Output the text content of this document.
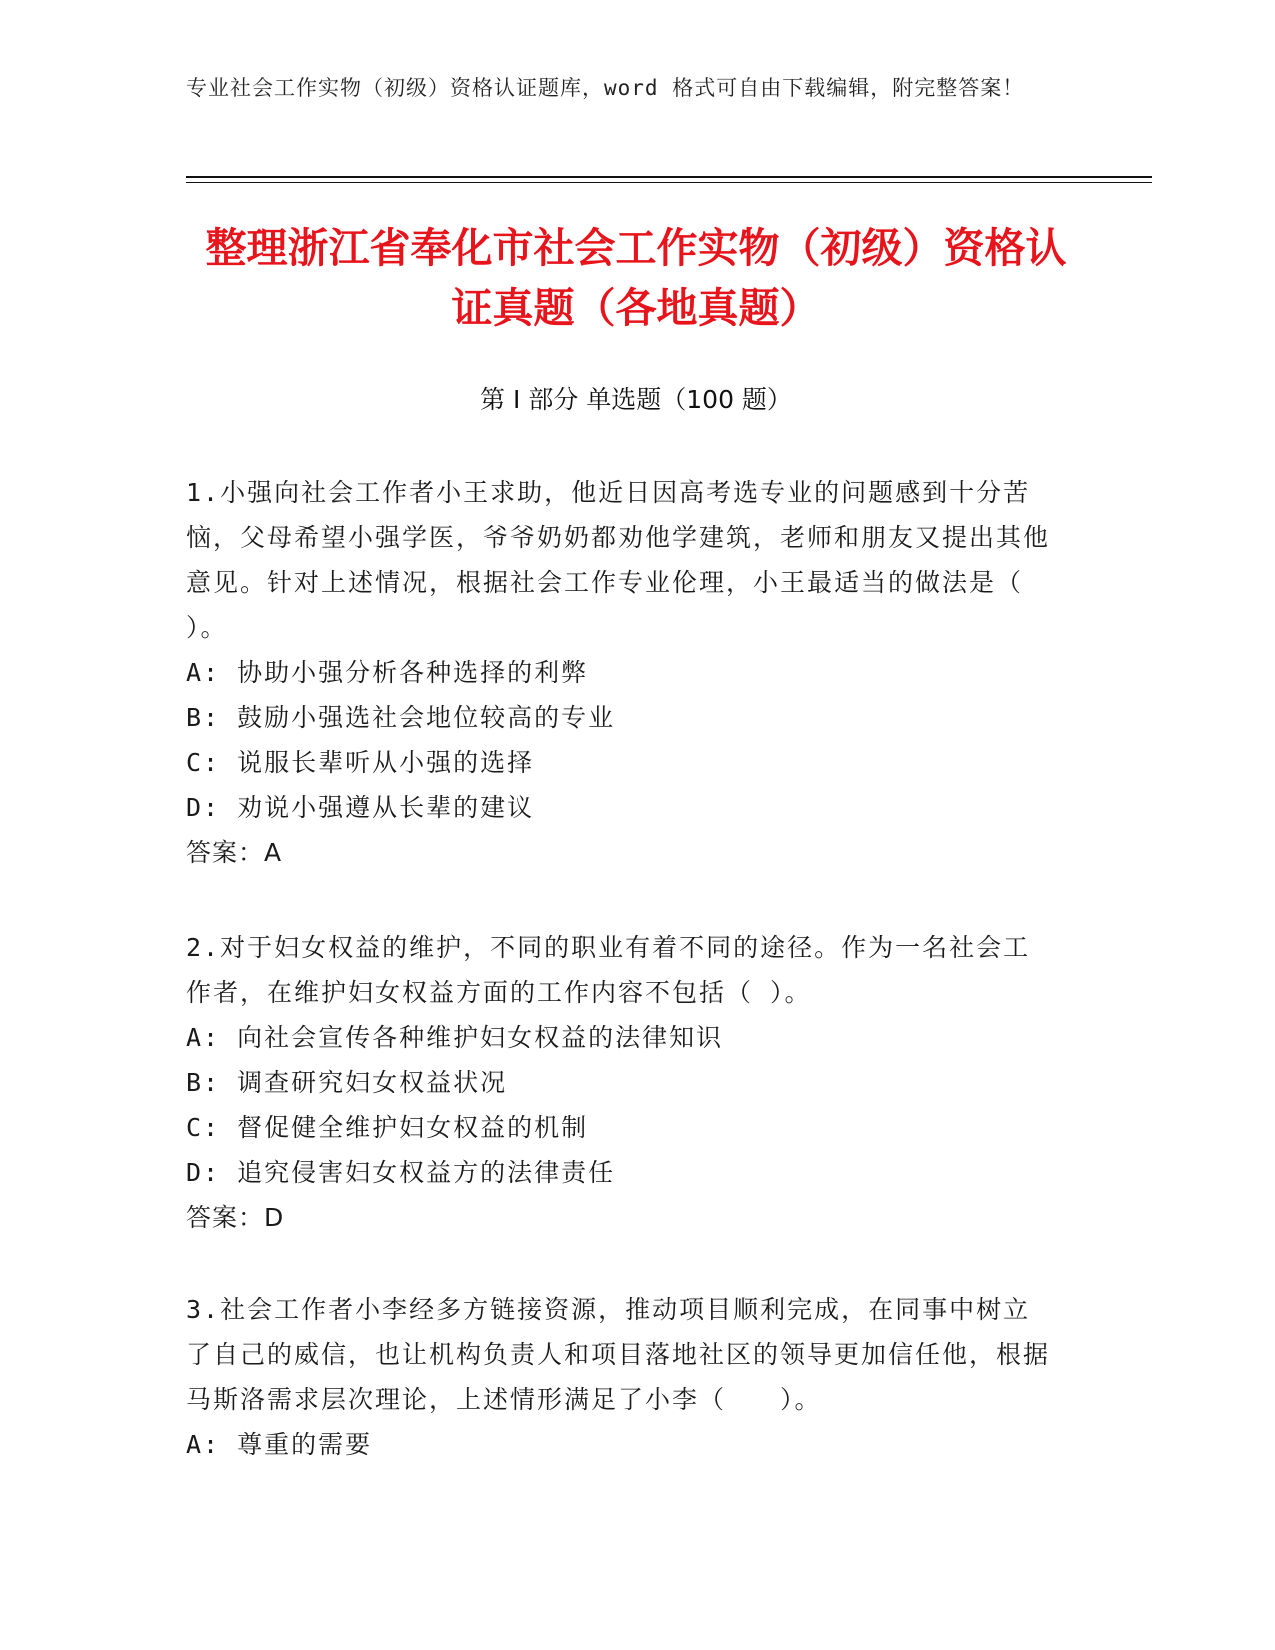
专业社会工作实物（初级）资格认证题库，word 格式可自由下载编辑，附完整答案！
整理浙江省奉化市社会工作实物（初级）资格认证真题（各地真题）
第 I 部分 单选题（100 题）

1.小强向社会工作者小王求助，他近日因高考选专业的问题感到十分苦恼，父母希望小强学医，爷爷奶奶都劝他学建筑，老师和朋友又提出其他意见。针对上述情况，根据社会工作专业伦理，小王最适当的做法是（ ）。

A: 协助小强分析各种选择的利弊

B: 鼓励小强选社会地位较高的专业

C: 说服长辈听从小强的选择

D: 劝说小强遵从长辈的建议

答案：A

2.对于妇女权益的维护，不同的职业有着不同的途径。作为一名社会工作者，在维护妇女权益方面的工作内容不包括（ ）。

A: 向社会宣传各种维护妇女权益的法律知识

B: 调查研究妇女权益状况

C: 督促健全维护妇女权益的机制

D: 追究侵害妇女权益方的法律责任

答案：D

3.社会工作者小李经多方链接资源，推动项目顺利完成，在同事中树立了自己的威信，也让机构负责人和项目落地社区的领导更加信任他，根据马斯洛需求层次理论，上述情形满足了小李（　　）。

A: 尊重的需要
